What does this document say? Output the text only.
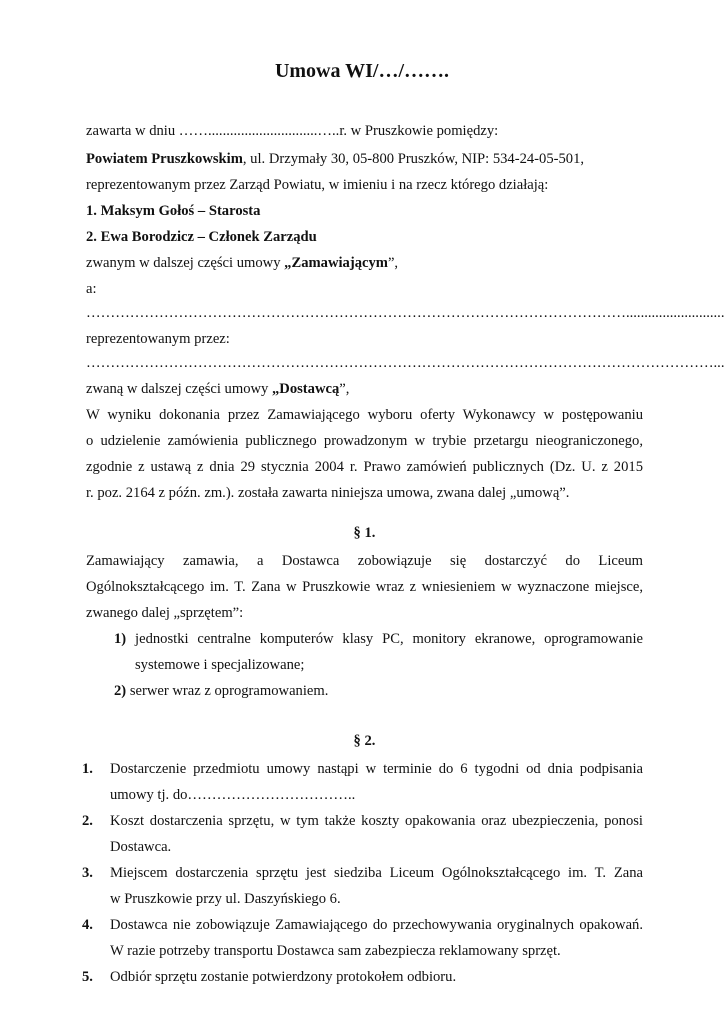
Umowa WI/…/…….
zawarta w dniu ……..............................…..r. w Pruszkowie pomiędzy:
Powiatem Pruszkowskim, ul. Drzymały 30, 05-800 Pruszków, NIP: 534-24-05-501,
reprezentowanym przez Zarząd Powiatu, w imieniu i na rzecz którego działają:
1. Maksym Gołoś – Starosta
2. Ewa Borodzicz – Członek Zarządu
zwanym w dalszej części umowy „Zamawiającym”,
a:
…………………………………………………………………………………………………...........................
reprezentowanym przez:
…………………………………………………………………………………………………………………...
zwaną w dalszej części umowy „Dostawcą”,
W wyniku dokonania przez Zamawiającego wyboru oferty Wykonawcy w postępowaniu
o udzielenie zamówienia publicznego prowadzonym w trybie przetargu nieograniczonego,
zgodnie z ustawą z dnia 29 stycznia 2004 r. Prawo zamówień publicznych (Dz. U. z 2015
r. poz. 2164 z późn. zm.). została zawarta niniejsza umowa, zwana dalej „umową”.
§ 1.
Zamawiający zamawia, a Dostawca zobowiązuje się dostarczyć do Liceum
Ogólnokształcącego im. T. Zana w Pruszkowie wraz z wniesieniem w wyznaczone miejsce,
zwanego dalej „sprzętem”:
1) jednostki centralne komputerów klasy PC, monitory ekranowe, oprogramowanie
systemowe i specjalizowane;
2) serwer wraz z oprogramowaniem.
§ 2.
1. Dostarczenie przedmiotu umowy nastąpi w terminie do 6 tygodni od dnia podpisania
umowy tj. do……………………………..
2. Koszt dostarczenia sprzętu, w tym także koszty opakowania oraz ubezpieczenia, ponosi
Dostawca.
3. Miejscem dostarczenia sprzętu jest siedziba Liceum Ogólnokształcącego im. T. Zana
w Pruszkowie przy ul. Daszyńskiego 6.
4. Dostawca nie zobowiązuje Zamawiającego do przechowywania oryginalnych opakowań.
W razie potrzeby transportu Dostawca sam zabezpiecza reklamowany sprzęt.
5. Odbiór sprzętu zostanie potwierdzony protokołem odbioru.
